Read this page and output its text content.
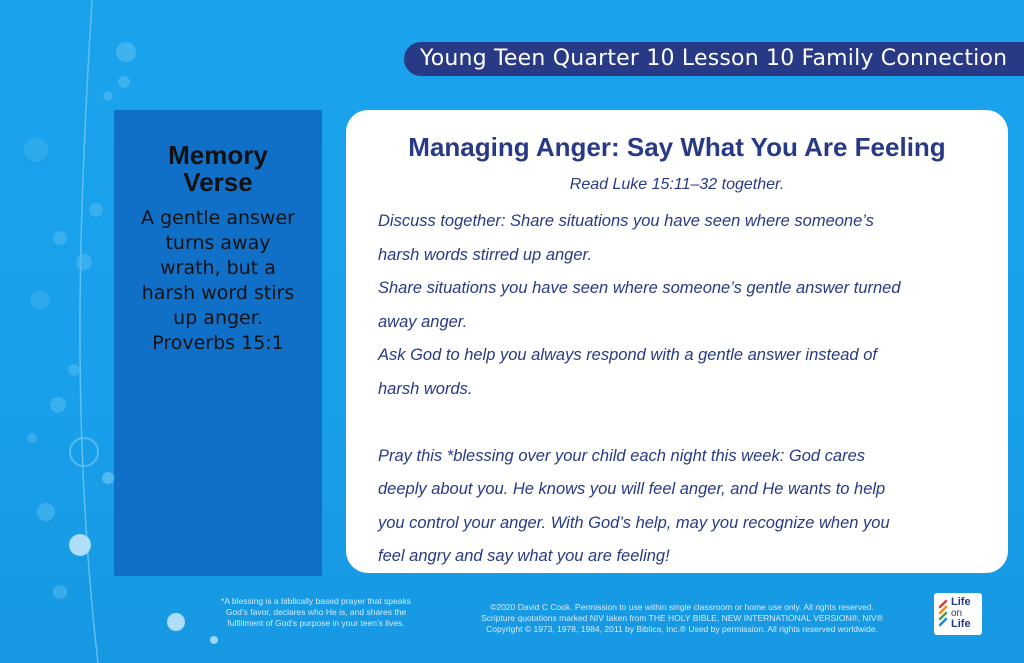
Young Teen Quarter 10 Lesson 10 Family Connection
Memory
Verse
A gentle answer
turns away
wrath, but a
harsh word stirs
up anger.
Proverbs 15:1
Managing Anger: Say What You Are Feeling
Read Luke 15:11–32 together.

Discuss together: Share situations you have seen where someone’s

harsh words stirred up anger.

Share situations you have seen where someone’s gentle answer turned

away anger.

Ask God to help you always respond with a gentle answer instead of

harsh words.

Pray this *blessing over your child each night this week: God cares

deeply about you. He knows you will feel anger, and He wants to help

you control your anger. With God’s help, may you recognize when you

feel angry and say what you are feeling!

*A blessing is a biblically based prayer that speaks
God’s favor, declares who He is, and shares the
fulfillment of God’s purpose in your teen’s lives.
©2020 David C Cook. Permission to use within single classroom or home use only. All rights reserved.
Scripture quotations marked NIV taken from THE HOLY BIBLE, NEW INTERNATIONAL VERSION®, NIV®
Copyright © 1973, 1978, 1984, 2011 by Biblica, Inc.® Used by permission. All rights reserved worldwide.
Life
on
Life
